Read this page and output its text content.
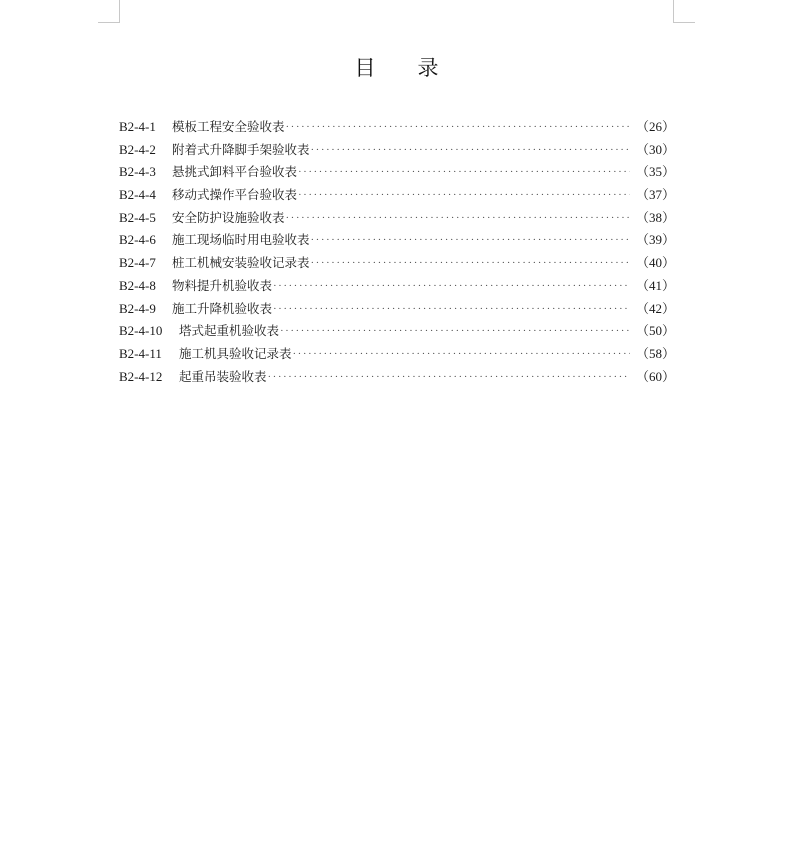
目 录
B2-4-1	模板工程安全验收表 ·····	（26）
B2-4-2	附着式升降脚手架验收表 ·····	（30）
B2-4-3	悬挑式卸料平台验收表 ·····	（35）
B2-4-4	移动式操作平台验收表 ·····	（37）
B2-4-5	安全防护设施验收表 ·····	（38）
B2-4-6	施工现场临时用电验收表 ·····	（39）
B2-4-7	桩工机械安装验收记录表 ·····	（40）
B2-4-8	物料提升机验收表 ·····	（41）
B2-4-9	施工升降机验收表 ·····	（42）
B2-4-10	塔式起重机验收表 ·····	（50）
B2-4-11	施工机具验收记录表 ·····	（58）
B2-4-12	起重吊装验收表 ·····	（60）
